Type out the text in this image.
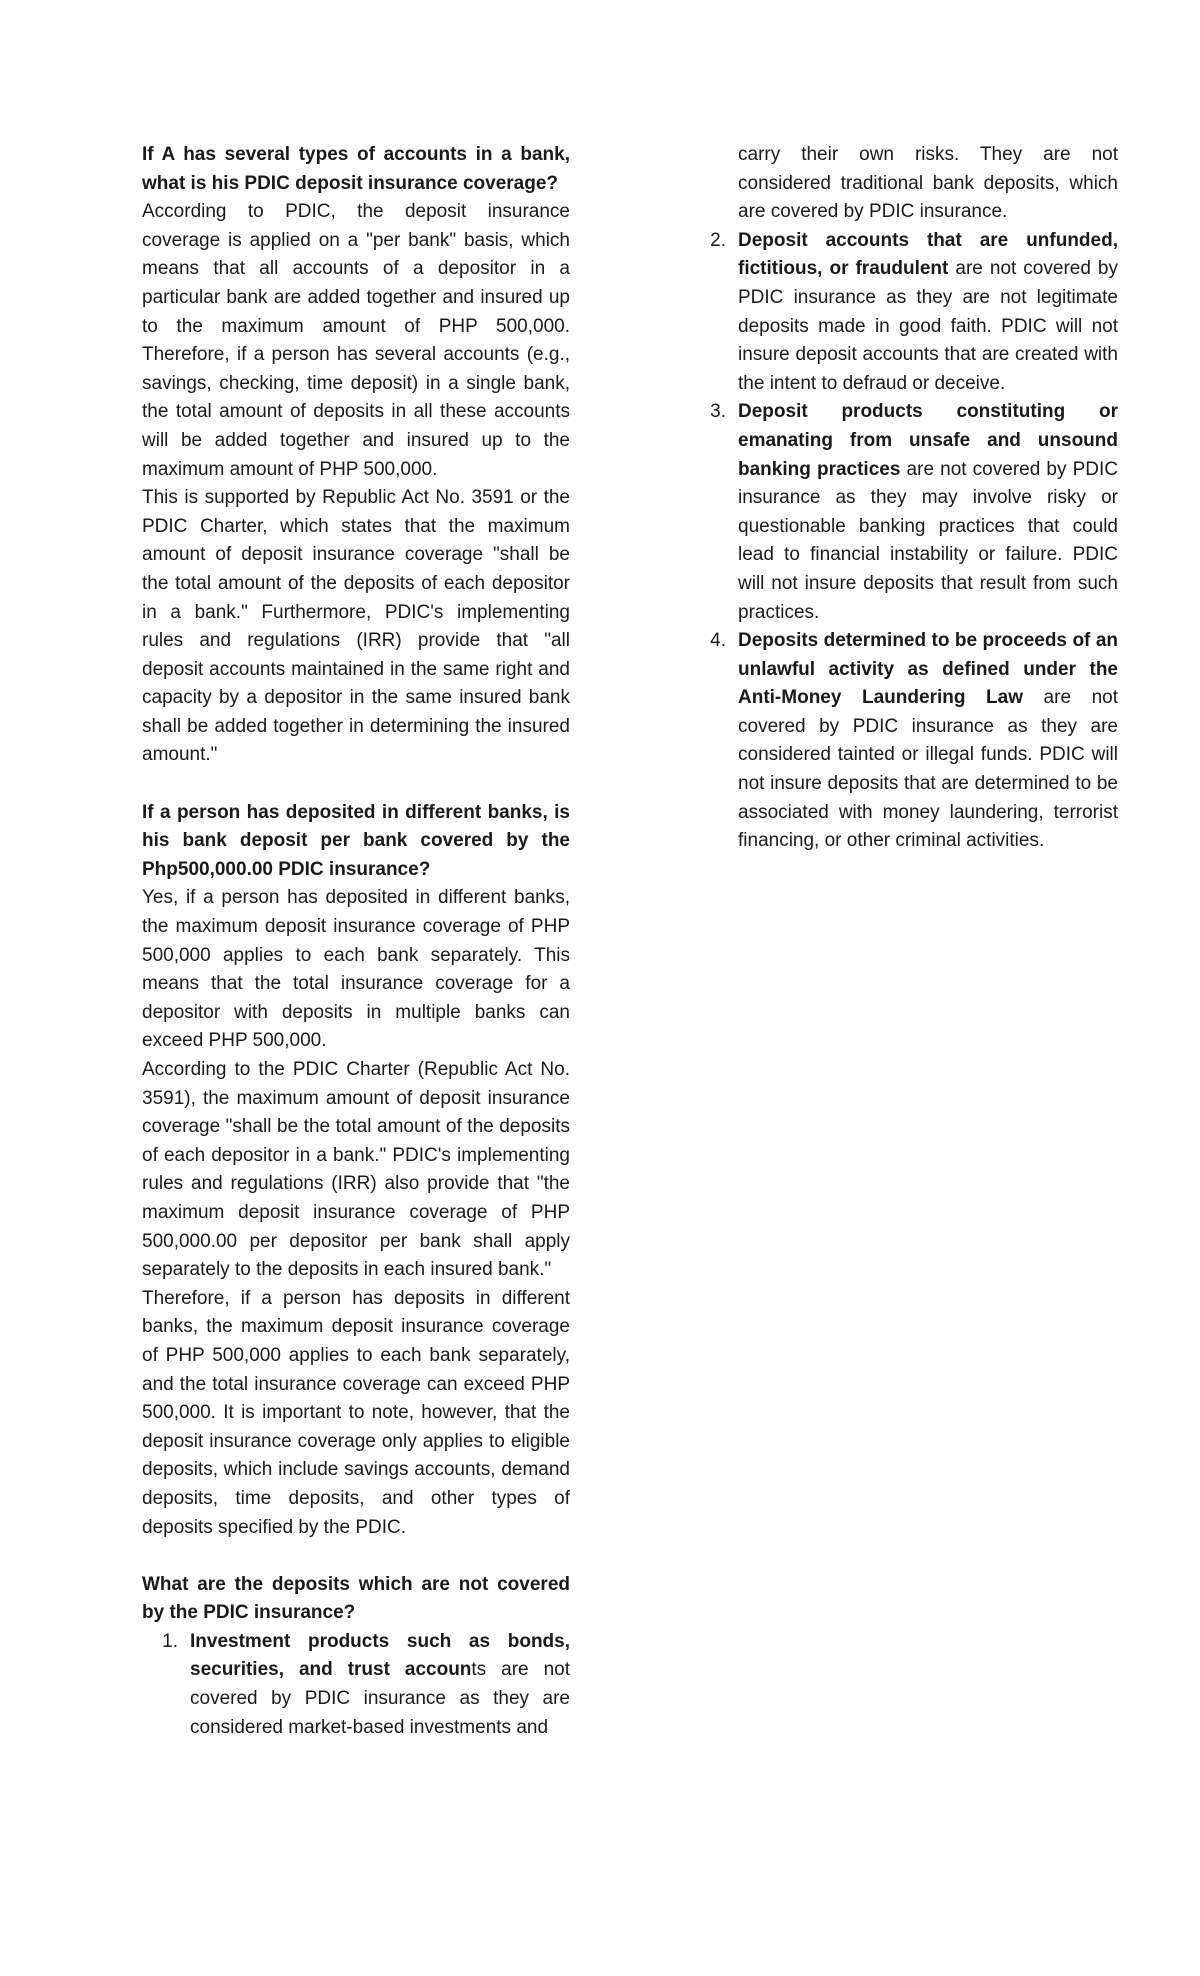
If A has several types of accounts in a bank, what is his PDIC deposit insurance coverage?

According to PDIC, the deposit insurance coverage is applied on a "per bank" basis, which means that all accounts of a depositor in a particular bank are added together and insured up to the maximum amount of PHP 500,000. Therefore, if a person has several accounts (e.g., savings, checking, time deposit) in a single bank, the total amount of deposits in all these accounts will be added together and insured up to the maximum amount of PHP 500,000.

This is supported by Republic Act No. 3591 or the PDIC Charter, which states that the maximum amount of deposit insurance coverage "shall be the total amount of the deposits of each depositor in a bank." Furthermore, PDIC's implementing rules and regulations (IRR) provide that "all deposit accounts maintained in the same right and capacity by a depositor in the same insured bank shall be added together in determining the insured amount."

If a person has deposited in different banks, is his bank deposit per bank covered by the Php500,000.00 PDIC insurance?

Yes, if a person has deposited in different banks, the maximum deposit insurance coverage of PHP 500,000 applies to each bank separately. This means that the total insurance coverage for a depositor with deposits in multiple banks can exceed PHP 500,000.

According to the PDIC Charter (Republic Act No. 3591), the maximum amount of deposit insurance coverage "shall be the total amount of the deposits of each depositor in a bank." PDIC's implementing rules and regulations (IRR) also provide that "the maximum deposit insurance coverage of PHP 500,000.00 per depositor per bank shall apply separately to the deposits in each insured bank."

Therefore, if a person has deposits in different banks, the maximum deposit insurance coverage of PHP 500,000 applies to each bank separately, and the total insurance coverage can exceed PHP 500,000. It is important to note, however, that the deposit insurance coverage only applies to eligible deposits, which include savings accounts, demand deposits, time deposits, and other types of deposits specified by the PDIC.

What are the deposits which are not covered by the PDIC insurance?

1. Investment products such as bonds, securities, and trust accounts are not covered by PDIC insurance as they are considered market-based investments and

carry their own risks. They are not considered traditional bank deposits, which are covered by PDIC insurance.

2. Deposit accounts that are unfunded, fictitious, or fraudulent are not covered by PDIC insurance as they are not legitimate deposits made in good faith. PDIC will not insure deposit accounts that are created with the intent to defraud or deceive.
3. Deposit products constituting or emanating from unsafe and unsound banking practices are not covered by PDIC insurance as they may involve risky or questionable banking practices that could lead to financial instability or failure. PDIC will not insure deposits that result from such practices.
4. Deposits determined to be proceeds of an unlawful activity as defined under the Anti-Money Laundering Law are not covered by PDIC insurance as they are considered tainted or illegal funds. PDIC will not insure deposits that are determined to be associated with money laundering, terrorist financing, or other criminal activities.
